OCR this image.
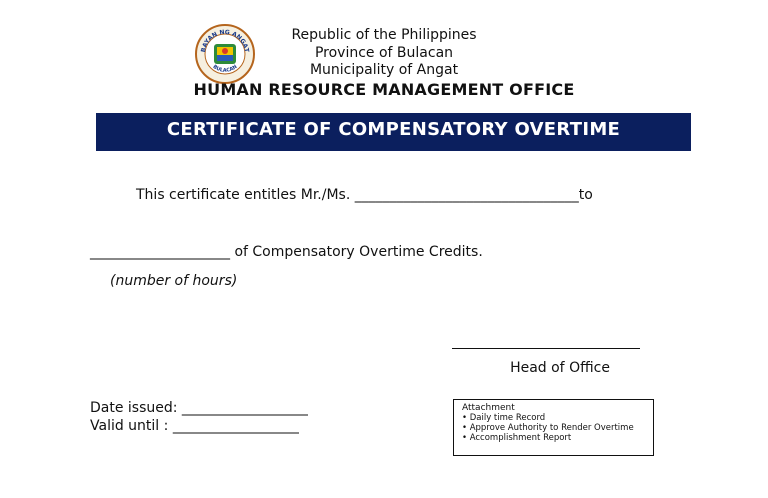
BAYAN NG ANGAT
BULACAN
Republic of the Philippines
Province of Bulacan
Municipality of Angat
HUMAN RESOURCE MANAGEMENT OFFICE
CERTIFICATE OF COMPENSATORY OVERTIME
This certificate entitles Mr./Ms. ________________________________to
____________________ of Compensatory Overtime Credits.
(number of hours)
Head of Office
Date issued: __________________
Valid until : __________________
Attachment
• Daily time Record
• Approve Authority to Render Overtime
• Accomplishment Report
